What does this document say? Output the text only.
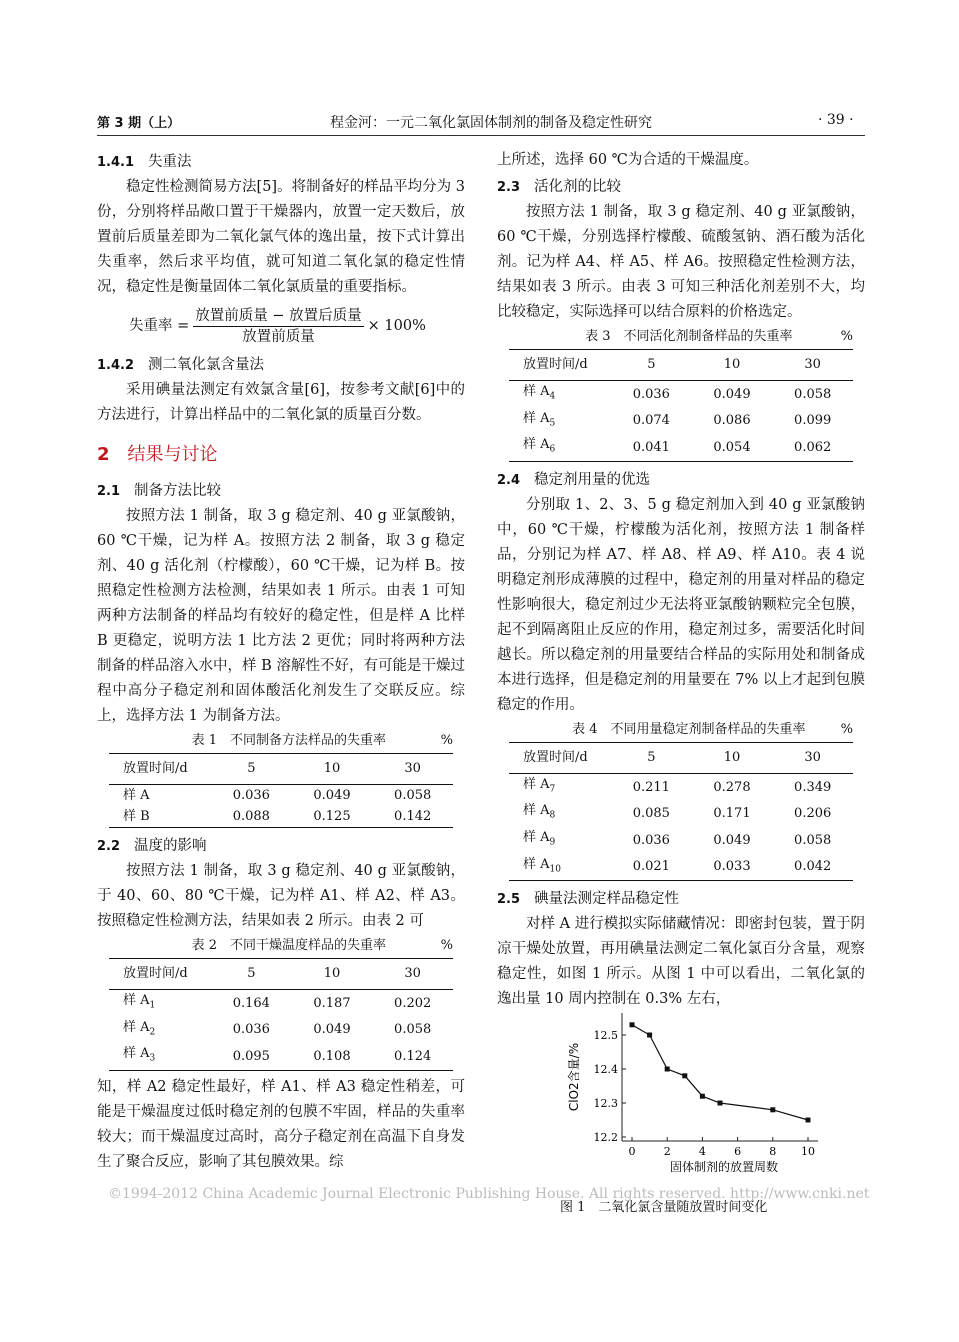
第 3 期（上）	程金河：一元二氧化氯固体制剂的制备及稳定性研究	· 39 ·
1.4.1 失重法

稳定性检测简易方法[5]。将制备好的样品平均分为 3 份，分别将样品敞口置于干燥器内，放置一定天数后，放置前后质量差即为二氧化氯气体的逸出量，按下式计算出失重率，然后求平均值，就可知道二氧化氯的稳定性情况，稳定性是衡量固体二氧化氯质量的重要指标。

失重率 = $\frac{\text{放置前质量 − 放置后质量}}{\text{放置前质量}} \times 100\%$
1.4.2 测二氧化氯含量法

采用碘量法测定有效氯含量[6]，按参考文献[6]中的方法进行，计算出样品中的二氧化氯的质量百分数。

2 结果与讨论
2.1 制备方法比较

按照方法 1 制备，取 3 g 稳定剂、40 g 亚氯酸钠，60 ℃干燥，记为样 A。按照方法 2 制备，取 3 g 稳定剂、40 g 活化剂（柠檬酸），60 ℃干燥，记为样 B。按照稳定性检测方法检测，结果如表 1 所示。由表 1 可知两种方法制备的样品均有较好的稳定性，但是样 A 比样 B 更稳定，说明方法 1 比方法 2 更优；同时将两种方法制备的样品溶入水中，样 B 溶解性不好，有可能是干燥过程中高分子稳定剂和固体酸活化剂发生了交联反应。综上，选择方法 1 为制备方法。

表 1　不同制备方法样品的失重率	%
放置时间/d	5	10	30
样 A	0.036	0.049	0.058
样 B	0.088	0.125	0.142
2.2 温度的影响

按照方法 1 制备，取 3 g 稳定剂、40 g 亚氯酸钠，于 40、60、80 ℃干燥，记为样 A1、样 A2、样 A3。按照稳定性检测方法，结果如表 2 所示。由表 2 可

表 2　不同干燥温度样品的失重率	%
放置时间/d	5	10	30
样 $A_1$	0.164	0.187	0.202
样 $A_2$	0.036	0.049	0.058
样 $A_3$	0.095	0.108	0.124

知，样 A2 稳定性最好，样 A1、样 A3 稳定性稍差，可能是干燥温度过低时稳定剂的包膜不牢固，样品的失重率较大；而干燥温度过高时，高分子稳定剂在高温下自身发生了聚合反应，影响了其包膜效果。综

上所述，选择 60 ℃为合适的干燥温度。

2.3 活化剂的比较

按照方法 1 制备，取 3 g 稳定剂、40 g 亚氯酸钠，60 ℃干燥，分别选择柠檬酸、硫酸氢钠、酒石酸为活化剂。记为样 A4、样 A5、样 A6。按照稳定性检测方法，结果如表 3 所示。由表 3 可知三种活化剂差别不大，均比较稳定，实际选择可以结合原料的价格选定。

表 3　不同活化剂制备样品的失重率	%
放置时间/d	5	10	30
样 $A_4$	0.036	0.049	0.058
样 $A_5$	0.074	0.086	0.099
样 $A_6$	0.041	0.054	0.062
2.4 稳定剂用量的优选

分别取 1、2、3、5 g 稳定剂加入到 40 g 亚氯酸钠中，60 ℃干燥，柠檬酸为活化剂，按照方法 1 制备样品，分别记为样 A7、样 A8、样 A9、样 A10。表 4 说明稳定剂形成薄膜的过程中，稳定剂的用量对样品的稳定性影响很大，稳定剂过少无法将亚氯酸钠颗粒完全包膜，起不到隔离阻止反应的作用，稳定剂过多，需要活化时间越长。所以稳定剂的用量要结合样品的实际用处和制备成本进行选择，但是稳定剂的用量要在 7% 以上才起到包膜稳定的作用。

表 4　不同用量稳定剂制备样品的失重率	%
放置时间/d	5	10	30
样 $A_7$	0.211	0.278	0.349
样 $A_8$	0.085	0.171	0.206
样 $A_9$	0.036	0.049	0.058
样 $A_{10}$	0.021	0.033	0.042
2.5 碘量法测定样品稳定性

对样 A 进行模拟实际储藏情况：即密封包装，置于阴凉干燥处放置，再用碘量法测定二氧化氯百分含量，观察稳定性，如图 1 所示。从图 1 中可以看出，二氧化氯的逸出量 10 周内控制在 0.3% 左右，

0	2	4	6	8 10
12.2
12.3
12.4
12.5
固体制剂的放置周数
ClO2含量/%
图 1　二氧化氯含量随放置时间变化
©1994-2012 China Academic Journal Electronic Publishing House. All rights reserved. http://www.cnki.net
